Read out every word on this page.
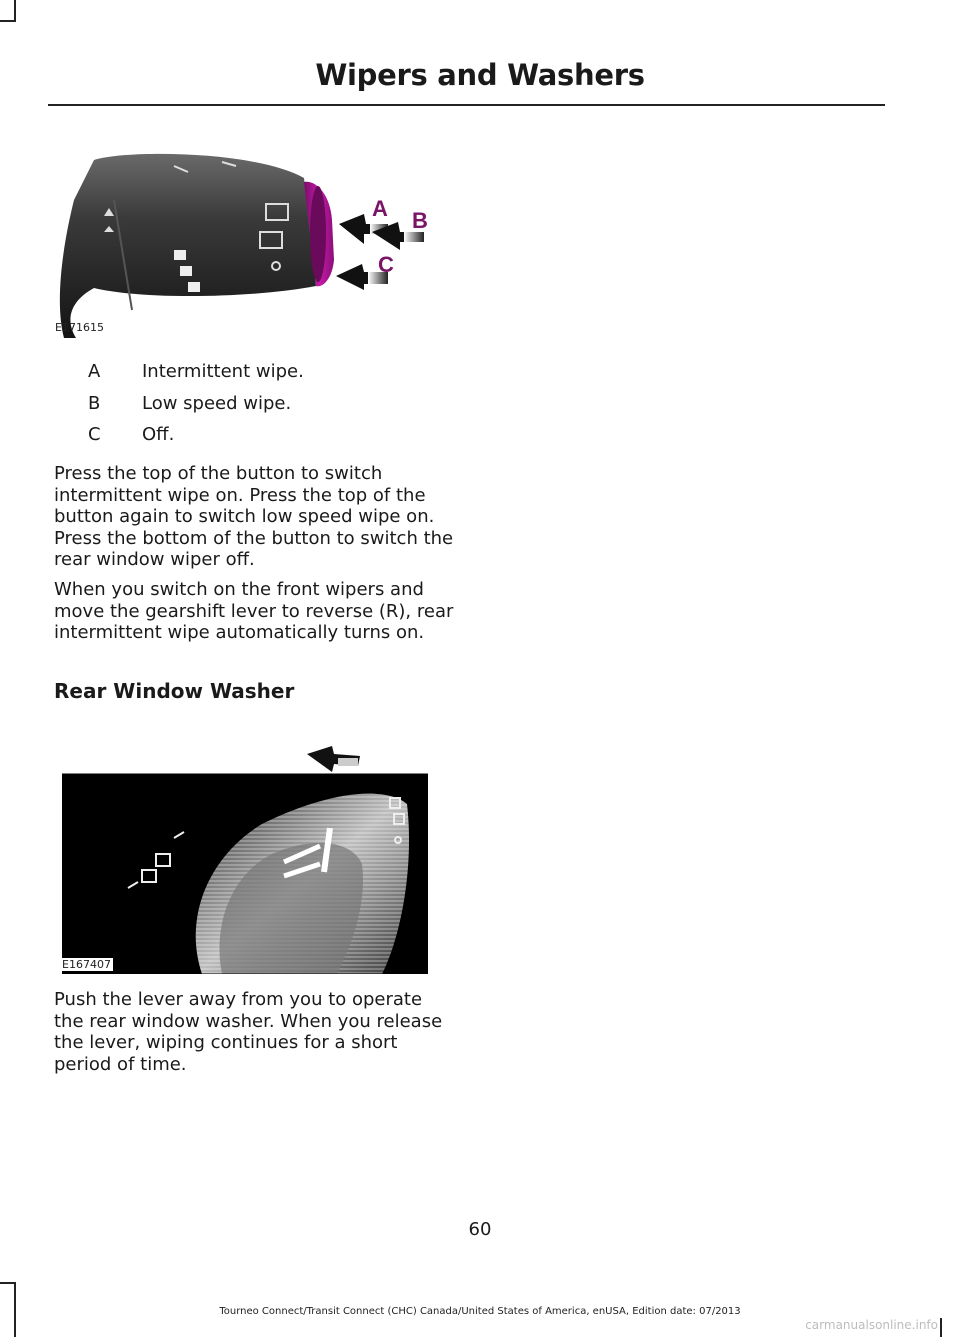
Wipers and Washers
A B
C
E171615
A Intermittent wipe.
B Low speed wipe.
C Off.

Press the top of the button to switch intermittent wipe on. Press the top of the button again to switch low speed wipe on. Press the bottom of the button to switch the rear window wiper off.

When you switch on the front wipers and move the gearshift lever to reverse (R), rear intermittent wipe automatically turns on.

Rear Window Washer
E167407

Push the lever away from you to operate the rear window washer. When you release the lever, wiping continues for a short period of time.

60
Tourneo Connect/Transit Connect (CHC) Canada/United States of America, enUSA, Edition date: 07/2013
carmanualsonline.info
